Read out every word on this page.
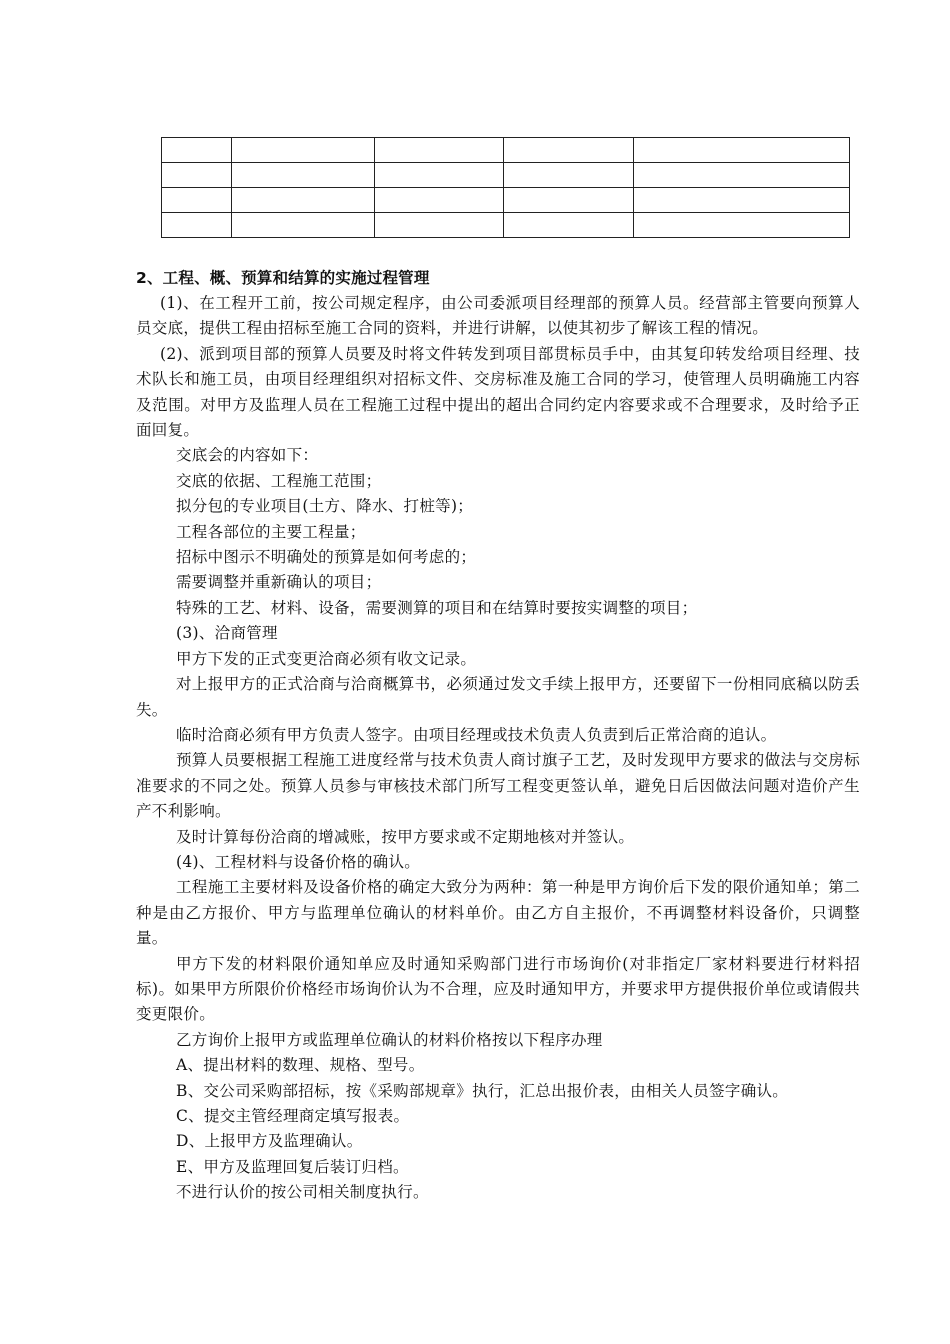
2、工程、概、预算和结算的实施过程管理

(1)、在工程开工前，按公司规定程序，由公司委派项目经理部的预算人员。经营部主管要向预算人员交底，提供工程由招标至施工合同的资料，并进行讲解，以使其初步了解该工程的情况。

(2)、派到项目部的预算人员要及时将文件转发到项目部贯标员手中，由其复印转发给项目经理、技术队长和施工员，由项目经理组织对招标文件、交房标准及施工合同的学习，使管理人员明确施工内容及范围。对甲方及监理人员在工程施工过程中提出的超出合同约定内容要求或不合理要求，及时给予正面回复。

交底会的内容如下：

交底的依据、工程施工范围；

拟分包的专业项目(土方、降水、打桩等)；

工程各部位的主要工程量；

招标中图示不明确处的预算是如何考虑的；

需要调整并重新确认的项目；

特殊的工艺、材料、设备，需要测算的项目和在结算时要按实调整的项目；

(3)、洽商管理

甲方下发的正式变更洽商必须有收文记录。

对上报甲方的正式洽商与洽商概算书，必须通过发文手续上报甲方，还要留下一份相同底稿以防丢失。

临时洽商必须有甲方负责人签字。由项目经理或技术负责人负责到后正常洽商的追认。

预算人员要根据工程施工进度经常与技术负责人商讨旗子工艺，及时发现甲方要求的做法与交房标准要求的不同之处。预算人员参与审核技术部门所写工程变更签认单，避免日后因做法问题对造价产生产不利影响。

及时计算每份洽商的增减账，按甲方要求或不定期地核对并签认。

(4)、工程材料与设备价格的确认。

工程施工主要材料及设备价格的确定大致分为两种：第一种是甲方询价后下发的限价通知单；第二种是由乙方报价、甲方与监理单位确认的材料单价。由乙方自主报价，不再调整材料设备价，只调整量。

甲方下发的材料限价通知单应及时通知采购部门进行市场询价(对非指定厂家材料要进行材料招标)。如果甲方所限价价格经市场询价认为不合理，应及时通知甲方，并要求甲方提供报价单位或请假共变更限价。

乙方询价上报甲方或监理单位确认的材料价格按以下程序办理

A、提出材料的数理、规格、型号。

B、交公司采购部招标，按《采购部规章》执行，汇总出报价表，由相关人员签字确认。

C、提交主管经理商定填写报表。

D、上报甲方及监理确认。

E、甲方及监理回复后装订归档。

不进行认价的按公司相关制度执行。
